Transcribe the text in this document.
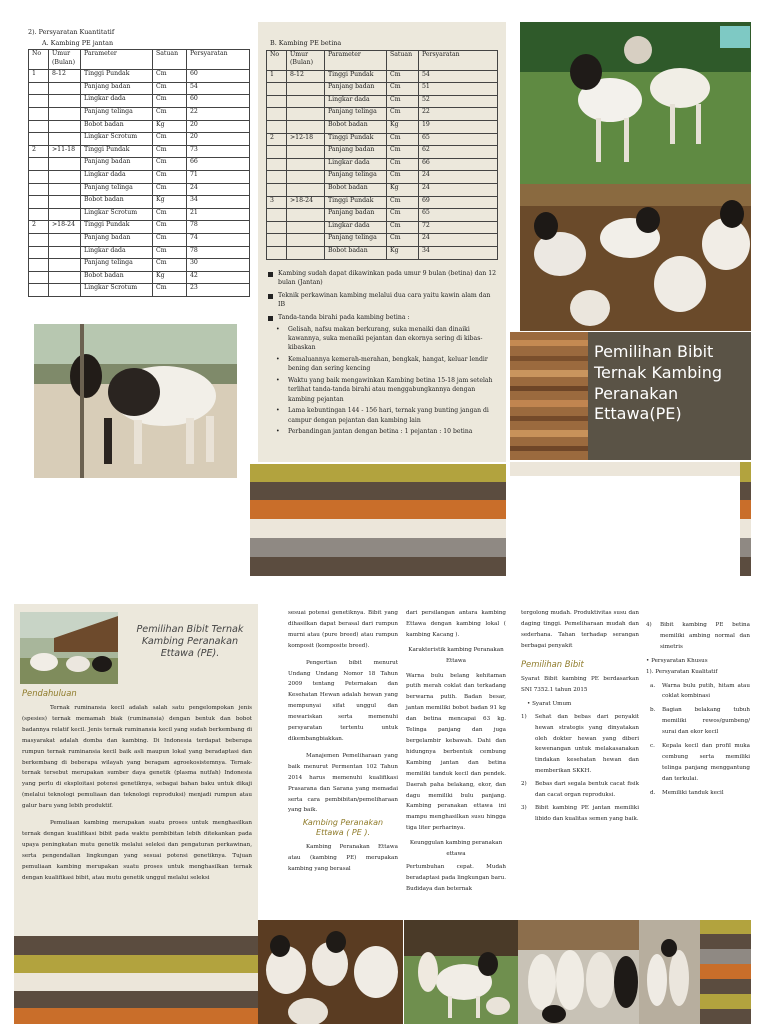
2). Persyaratan Kuantitatif
A. Kambing PE jantan
No	Umur (Bulan)	Parameter	Satuan	Persyaratan
1	8-12	Tinggi Pundak	Cm	60
		Panjang badan	Cm	54
		Lingkar dada	Cm	60
		Panjang telinga	Cm	22
		Bobot badan	Kg	20
		Lingkar Scrotum	Cm	20
2	>11-18	Tinggi Pundak	Cm	73
		Panjang badan	Cm	66
		Lingkar dada	Cm	71
		Panjang telinga	Cm	24
		Bobot badan	Kg	34
		Lingkar Scrotum	Cm	21
2	>18-24	Tinggi Pundak	Cm	78
		Panjang badan	Cm	74
		Lingkar dada	Cm	78
		Panjang telinga	Cm	30
		Bobot badan	Kg	42
		Lingkar Scrotum	Cm	23
B. Kambing PE betina
No	Umur (Bulan)	Parameter	Satuan	Persyaratan
1	8-12	Tinggi Pundak	Cm	54
		Panjang badan	Cm	51
		Lingkar dada	Cm	52
		Panjang telinga	Cm	22
		Bobot badan	Kg	19
2	>12-18	Tinggi Pundak	Cm	65
		Panjang badan	Cm	62
		Lingkar dada	Cm	66
		Panjang telinga	Cm	24
		Bobot badan	Kg	24
3	>18-24	Tinggi Pundak	Cm	69
		Panjang badan	Cm	65
		Lingkar dada	Cm	72
		Panjang telinga	Cm	24
		Bobot badan	Kg	34
Kambing sudah dapat dikawinkan pada umur 9 bulan (betina) dan 12 bulan (Jantan)
Teknik perkawinan kambing melalui dua cara yaitu kawin alam dan IB
Tanda-tanda birahi pada kambing betina :
• Gelisah, nafsu makan berkurang, suka menaiki dan dinaiki kawannya, suka menaiki pejantan dan ekornya sering di kibas-kibaskan
• Kemaluannya kemerah-merahan, bengkak, hangat, keluar lendir bening dan sering kencing
• Waktu yang baik mengawinkan Kambing betina 15-18 jam setelah terlihat tanda-tanda birahi atau menggabungkannya dengan kambing pejantan
• Lama kebuntingan 144 - 156 hari, ternak yang bunting jangan di campur dengan pejantan dan kambing lain
• Perbandingan jantan dengan betina : 1 pejantan : 10 betina
Pemilihan Bibit Ternak Kambing Peranakan Ettawa(PE)
Pemilihan Bibit Ternak Kambing Peranakan Ettawa (PE).
Pendahuluan

Ternak ruminansia kecil adalah salah satu pengelompokan jenis (spesies) ternak memamah biak (ruminansia) dengan bentuk dan bobot badannya relatif kecil. Jenis ternak ruminansia kecil yang sudah berkembang di masyarakat adalah domba dan kambing. Di Indonesia terdapat beberapa rumpun ternak ruminansia kecil baik asli maupun lokal yang beradaptasi dan berkembang di beberapa wilayah yang beragam agroekosistemnya. Ternak-ternak tersebut merupakan sumber daya genetik (plasma nutfah) Indonesia yang perlu di eksploitasi potensi genetiknya, sebagai bahan baku untuk dikaji (melalui teknologi pemuliaan dan teknologi reproduksi) menjadi rumpun atau galur baru yang lebih produktif.

Pemuliaan kambing merupakan suatu proses untuk menghasilkan ternak dengan kualifikasi bibit pada waktu pembibitan lebih ditekankan pada upaya peningkatan mutu genetik melalui seleksi dan pengaturan perkawinan, serta pengendalian lingkungan yang sesuai potensi genetiknya. Tujuan pemuliaan kambing merupakan suatu proses untuk menghasilkan ternak dengan kualifikasi bibit, atau mutu genetik unggul melalui seleksi

sesuai potensi genetiknya. Bibit yang dihasilkan dapat berasal dari rumpun murni atau (pure breed) atau rumpun komposit (komposite breed).

Pengertian bibit menurut Undang Undang Nomor 18 Tahun 2009 tentang Peternakan dan Kesehatan Hewan adalah hewan yang mempunyai sifat unggul dan mewariskan serta memenuhi persyaratan tertentu untuk dikembangbiakkan.

Manajemen Pemeliharaan yang baik menurut Permentan 102 Tahun 2014 harus memenuhi kualifikasi Prasarana dan Sarana yang memadai serta cara pembibitan/pemeliharaan yang baik.

Kambing Peranakan Ettawa ( PE ).

Kambing Peranakan Ettawa atau (kambing PE) merupakan kambing yang berasal

dari persilangan antara kambing Ettawa dengan kambing lokal ( kambing Kacang ).
Karakteristik kambing Peranakan Ettawa
Warna bulu belang kehitaman putih merah coklat dan terkadang berwarna putih. Badan besar, jantan memiliki bobot badan 91 kg dan betina mencapai 63 kg. Telinga panjang dan juga bergelambir kebawah. Dahi dan hidungnya berbentuk cembung Kambing jantan dan betina memiliki tanduk kecil dan pendek. Daerah paha belakang, ekor, dan dagu memiliki bulu panjang. Kambing peranakan ettawa ini mampu menghasilkan susu hingga tiga liter perharinya.
Keunggulan kambing peranakan ettawa
Pertumbuhan cepat. Mudah beradaptasi pada lingkungan baru. Budidaya dan beternak
tergolong mudah. Produktivitas susu dan daging tinggi. Pemeliharaan mudah dan sederhana. Tahan terhadap serangan berbagai penyakit
Pemilihan Bibit
Syarat Bibit kambing PE berdasarkan SNI 7352.1 tahun 2015
• Syarat Umum
1) Sehat dan bebas dari penyakit hewan strategis yang dinyatakan oleh dokter hewan yang diberi kewenangan untuk melakasanakan tindakan kesehatan hewan dan memberikan SKKH.
2) Bebas dari segala bentuk cacat fisik dan cacat organ reproduksi.
3) Bibit kambing PE jantan memiliki libido dan kualitas semen yang baik.
4) Bibit kambing PE betina memiliki ambing normal dan simetris
• Persyaratan Khusus
1). Persyaratan Kualitatif
a. Warna bulu putih, hitam atau coklat kombinasi
b. Bagian belakang tubuh memiliki rewos/gumbeng/ surai dan ekor kecil
c. Kepala kecil dan profil muka cembung serta memiliki telinga panjang menggantung dan terkulai.
d. Memiliki tanduk kecil
